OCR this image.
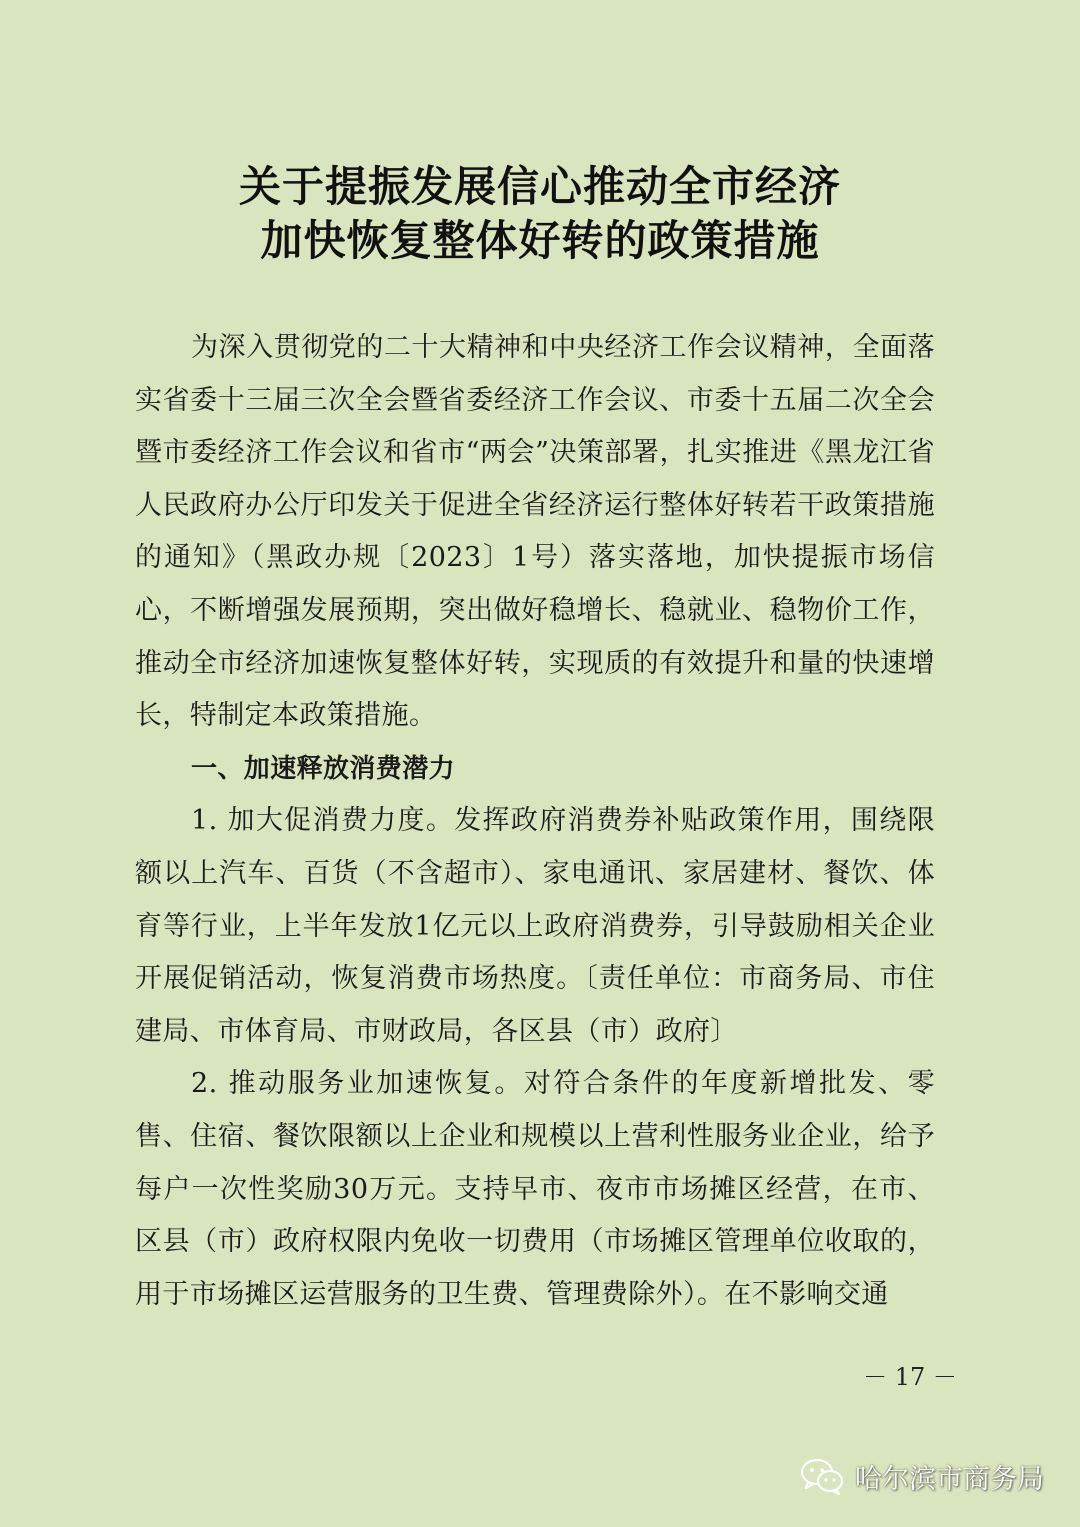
关于提振发展信心推动全市经济
加快恢复整体好转的政策措施

为深入贯彻党的二十大精神和中央经济工作会议精神，全面落实省委十三届三次全会暨省委经济工作会议、市委十五届二次全会暨市委经济工作会议和省市“两会”决策部署，扎实推进《黑龙江省人民政府办公厅印发关于促进全省经济运行整体好转若干政策措施的通知》（黑政办规〔2023〕1号）落实落地，加快提振市场信心，不断增强发展预期，突出做好稳增长、稳就业、稳物价工作，推动全市经济加速恢复整体好转，实现质的有效提升和量的快速增长，特制定本政策措施。

一、加速释放消费潜力

1. 加大促消费力度。发挥政府消费券补贴政策作用，围绕限额以上汽车、百货（不含超市）、家电通讯、家居建材、餐饮、体育等行业，上半年发放1亿元以上政府消费券，引导鼓励相关企业开展促销活动，恢复消费市场热度。〔责任单位：市商务局、市住建局、市体育局、市财政局，各区县（市）政府〕

2. 推动服务业加速恢复。对符合条件的年度新增批发、零售、住宿、餐饮限额以上企业和规模以上营利性服务业企业，给予每户一次性奖励30万元。支持早市、夜市市场摊区经营，在市、区县（市）政府权限内免收一切费用（市场摊区管理单位收取的，用于市场摊区运营服务的卫生费、管理费除外）。在不影响交通

－ 17 －
哈尔滨市商务局
